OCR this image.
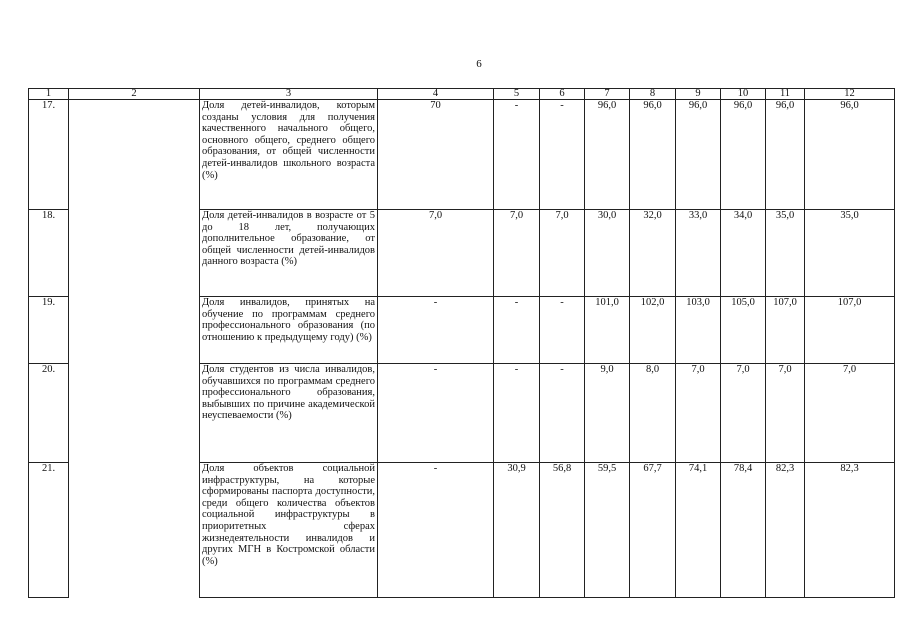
6
1	2	3	4	5	6	7	8	9	10	11	12
17.		Доля детей-инвалидов, которым созданы условия для получения качественного начального общего, основного общего, среднего общего образования, от общей численности детей-инвалидов школьного возраста (%)	70	-	-	96,0	96,0	96,0	96,0	96,0	96,0
18.		Доля детей-инвалидов в возрасте от 5 до 18 лет, получающих дополнительное образование, от общей численности детей-инвалидов данного возраста (%)	7,0	7,0	7,0	30,0	32,0	33,0	34,0	35,0	35,0
19.		Доля инвалидов, принятых на обучение по программам среднего профессионального образования (по отношению к предыдущему году) (%)	-	-	-	101,0	102,0	103,0	105,0	107,0	107,0
20.		Доля студентов из числа инвалидов, обучавшихся по программам среднего профессионального образования, выбывших по причине академической неуспеваемости (%)	-	-	-	9,0	8,0	7,0	7,0	7,0	7,0
21.		Доля объектов социальной инфраструктуры, на которые сформированы паспорта доступности, среди общего количества объектов социальной инфраструктуры в приоритетных сферах жизнедеятельности инвалидов и других МГН в Костромской области (%)	-	30,9	56,8	59,5	67,7	74,1	78,4	82,3	82,3
